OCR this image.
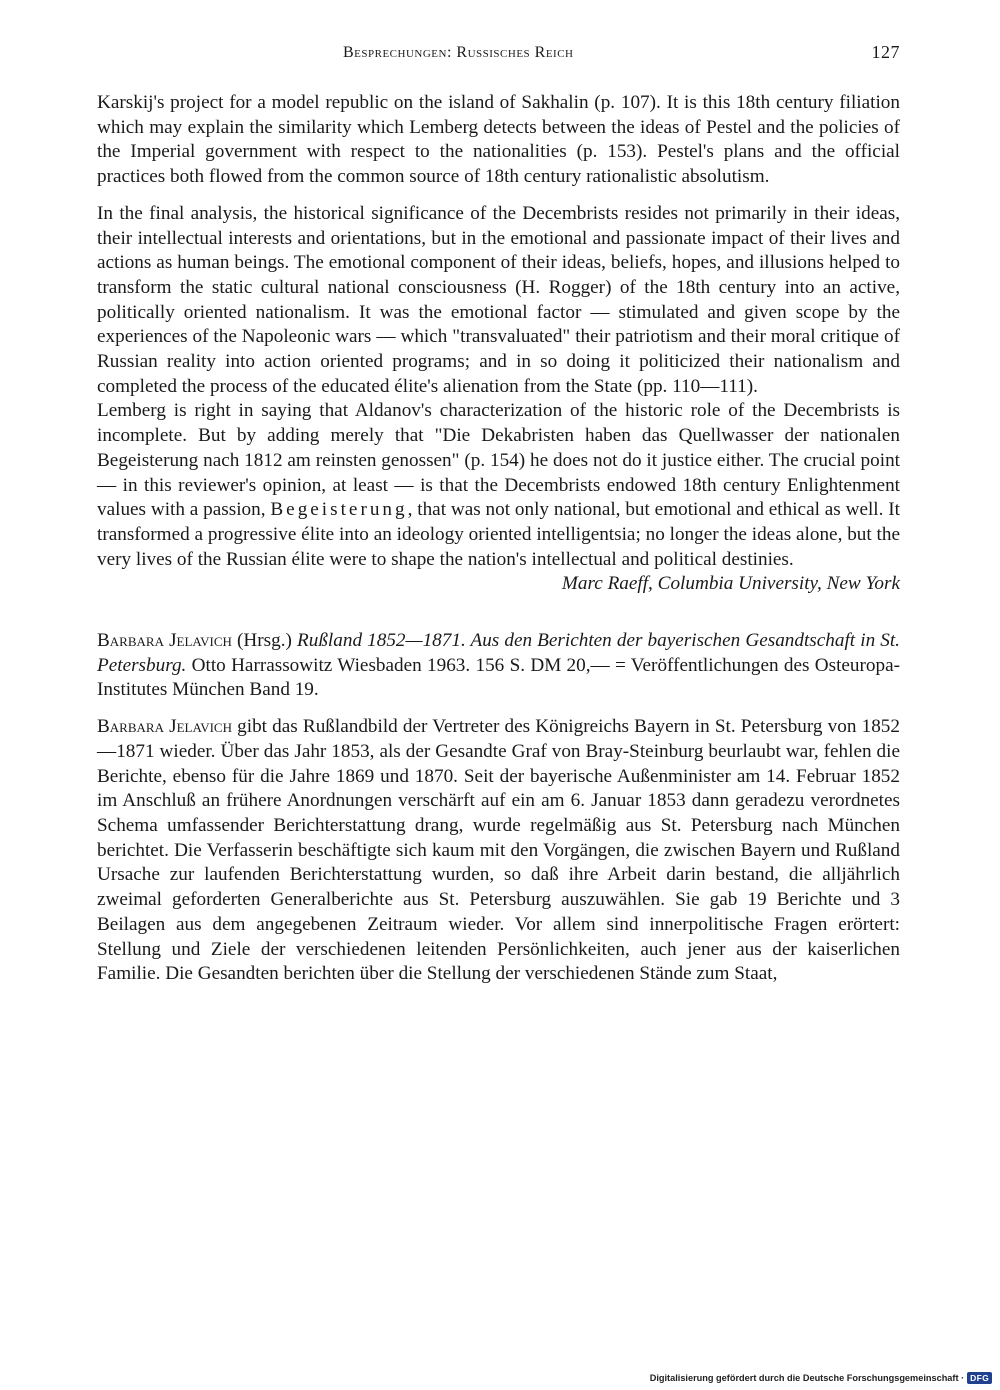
Besprechungen: Russisches Reich	127

Karskij's project for a model republic on the island of Sakhalin (p. 107). It is this 18th century filiation which may explain the similarity which Lemberg detects between the ideas of Pestel and the policies of the Imperial government with respect to the nationalities (p. 153). Pestel's plans and the official practices both flowed from the common source of 18th century rationalistic absolutism.

In the final analysis, the historical significance of the Decembrists resides not primarily in their ideas, their intellectual interests and orientations, but in the emotional and passionate impact of their lives and actions as human beings. The emotional component of their ideas, beliefs, hopes, and illusions helped to transform the static cultural national consciousness (H. Rogger) of the 18th century into an active, politically oriented nationalism. It was the emotional factor — stimulated and given scope by the experiences of the Napoleonic wars — which "transvaluated" their patriotism and their moral critique of Russian reality into action oriented programs; and in so doing it politicized their nationalism and completed the process of the educated élite's alienation from the State (pp. 110—111).

Lemberg is right in saying that Aldanov's characterization of the historic role of the Decembrists is incomplete. But by adding merely that "Die Dekabristen haben das Quellwasser der nationalen Begeisterung nach 1812 am reinsten genossen" (p. 154) he does not do it justice either. The crucial point — in this reviewer's opinion, at least — is that the Decembrists endowed 18th century Enlightenment values with a passion, Begeisterung, that was not only national, but emotional and ethical as well. It transformed a progressive élite into an ideology oriented intelligentsia; no longer the ideas alone, but the very lives of the Russian élite were to shape the nation's intellectual and political destinies.

Marc Raeff, Columbia University, New York

Barbara Jelavich (Hrsg.) Rußland 1852—1871. Aus den Berichten der bayerischen Gesandtschaft in St. Petersburg. Otto Harrassowitz Wiesbaden 1963. 156 S. DM 20,— = Veröffentlichungen des Osteuropa-Institutes München Band 19.

Barbara Jelavich gibt das Rußlandbild der Vertreter des Königreichs Bayern in St. Petersburg von 1852—1871 wieder. Über das Jahr 1853, als der Gesandte Graf von Bray-Steinburg beurlaubt war, fehlen die Berichte, ebenso für die Jahre 1869 und 1870. Seit der bayerische Außenminister am 14. Februar 1852 im Anschluß an frühere Anordnungen verschärft auf ein am 6. Januar 1853 dann geradezu verordnetes Schema umfassender Berichterstattung drang, wurde regelmäßig aus St. Petersburg nach München berichtet. Die Verfasserin beschäftigte sich kaum mit den Vorgängen, die zwischen Bayern und Rußland Ursache zur laufenden Berichterstattung wurden, so daß ihre Arbeit darin bestand, die alljährlich zweimal geforderten Generalberichte aus St. Petersburg auszuwählen. Sie gab 19 Berichte und 3 Beilagen aus dem angegebenen Zeitraum wieder. Vor allem sind innerpolitische Fragen erörtert: Stellung und Ziele der verschiedenen leitenden Persönlichkeiten, auch jener aus der kaiserlichen Familie. Die Gesandten berichten über die Stellung der verschiedenen Stände zum Staat,

Digitalisierung gefördert durch die Deutsche Forschungsgemeinschaft · DFG
